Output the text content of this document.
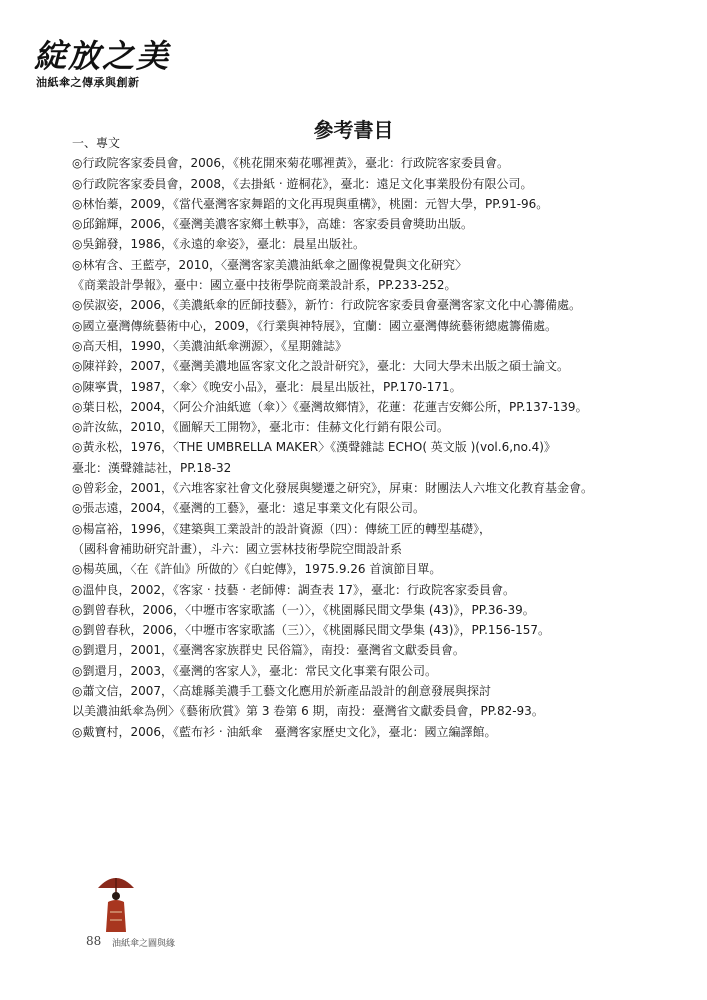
綻放之美
油紙傘之傳承與創新
參考書目
一、專文
◎行政院客家委員會，2006，《桃花開來菊花哪裡黃》，臺北：行政院客家委員會。
◎行政院客家委員會，2008，《去掛紙 ‧ 遊桐花》，臺北：遠足文化事業股份有限公司。
◎林怡蓁，2009，《當代臺灣客家舞蹈的文化再現與重構》，桃園：元智大學，PP.91-96。
◎邱錦輝，2006，《臺灣美濃客家鄉土軼事》，高雄：客家委員會獎助出版。
◎吳錦發，1986，《永遠的傘姿》，臺北：晨星出版社。
◎林宥含、王藍亭，2010，〈臺灣客家美濃油紙傘之圖像視覺與文化研究〉
《商業設計學報》，臺中：國立臺中技術學院商業設計系，PP.233-252。
◎侯淑姿，2006，《美濃紙傘的匠師技藝》，新竹：行政院客家委員會臺灣客家文化中心籌備處。
◎國立臺灣傳統藝術中心，2009，《行業與神特展》，宜蘭：國立臺灣傳統藝術總處籌備處。
◎高天相，1990，〈美濃油紙傘溯源〉，《星期雜誌》
◎陳祥鈴，2007，《臺灣美濃地區客家文化之設計研究》，臺北：大同大學未出版之碩士論文。
◎陳寧貴，1987，〈傘〉《晚安小品》，臺北：晨星出版社，PP.170-171。
◎葉日松，2004，〈阿公介油紙遮（傘）〉《臺灣故鄉情》，花蓮：花蓮吉安鄉公所，PP.137-139。
◎許汝紘，2010，《圖解天工開物》，臺北市：佳赫文化行銷有限公司。
◎黃永松，1976，〈THE UMBRELLA MAKER〉《漢聲雜誌 ECHO( 英文版 )(vol.6,no.4)》
臺北：漢聲雜誌社，PP.18-32
◎曾彩金，2001，《六堆客家社會文化發展與變遷之研究》，屏東：財團法人六堆文化教育基金會。
◎張志遠，2004，《臺灣的工藝》，臺北：遠足事業文化有限公司。
◎楊富裕，1996，《建築與工業設計的設計資源（四）：傳統工匠的轉型基礎》，
（國科會補助研究計畫），斗六：國立雲林技術學院空間設計系
◎楊英風，〈在《許仙》所做的〉《白蛇傳》，1975.9.26 首演節目單。
◎溫仲良，2002，《客家 ‧ 技藝 ‧ 老師傅：調查表 17》，臺北：行政院客家委員會。
◎劉曾春秋，2006，〈中壢市客家歌謠（一）〉，《桃園縣民間文學集 (43)》，PP.36-39。
◎劉曾春秋，2006，〈中壢市客家歌謠（三）〉，《桃園縣民間文學集 (43)》，PP.156-157。
◎劉還月，2001，《臺灣客家族群史 民俗篇》，南投：臺灣省文獻委員會。
◎劉還月，2003，《臺灣的客家人》，臺北：常民文化事業有限公司。
◎蕭文信，2007，〈高雄縣美濃手工藝文化應用於新產品設計的創意發展與探討
以美濃油紙傘為例〉《藝術欣賞》第 3 卷第 6 期，南投：臺灣省文獻委員會，PP.82-93。
◎戴寶村，2006，《藍布衫 ‧ 油紙傘　臺灣客家歷史文化》，臺北：國立編譯館。
88 油紙傘之圖與緣
